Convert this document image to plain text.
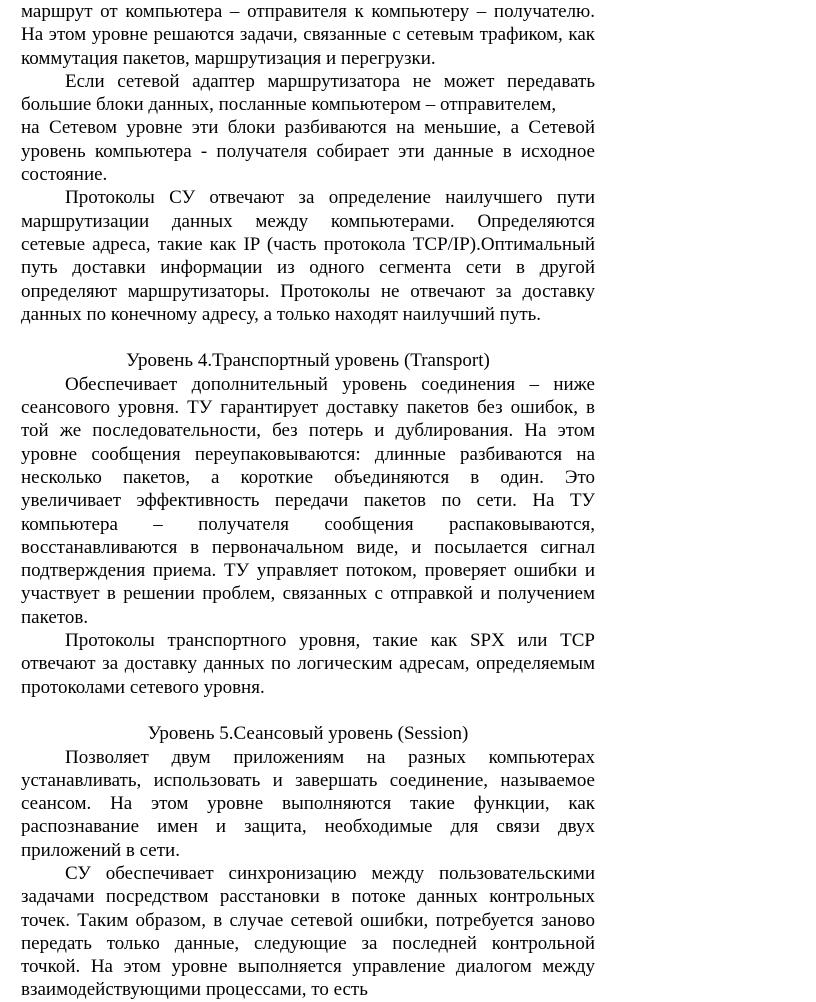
маршрут от компьютера – отправителя к компьютеру – получателю.
На этом уровне решаются задачи, связанные с сетевым трафиком, как
коммутация пакетов, маршрутизация и перегрузки.
Если сетевой адаптер маршрутизатора не может передавать
большие блоки данных, посланные компьютером – отправителем,
на Сетевом уровне эти блоки разбиваются на меньшие, а Сетевой
уровень компьютера - получателя собирает эти данные в исходное
состояние.
Протоколы СУ отвечают за определение наилучшего пути
маршрутизации данных между компьютерами. Определяются
сетевые адреса, такие как IP (часть протокола TCP/IP).Оптимальный
путь доставки информации из одного сегмента сети в другой
определяют маршрутизаторы. Протоколы не отвечают за доставку
данных по конечному адресу, а только находят наилучший путь.
Уровень 4.Транспортный уровень (Transport)
Обеспечивает дополнительный уровень соединения – ниже
сеансового уровня. ТУ гарантирует доставку пакетов без ошибок, в
той же последовательности, без потерь и дублирования. На этом
уровне сообщения переупаковываются: длинные разбиваются на
несколько пакетов, а короткие объединяются в один. Это
увеличивает эффективность передачи пакетов по сети. На ТУ
компьютера – получателя сообщения распаковываются,
восстанавливаются в первоначальном виде, и посылается сигнал
подтверждения приема. ТУ управляет потоком, проверяет ошибки и
участвует в решении проблем, связанных с отправкой и получением
пакетов.
Протоколы транспортного уровня, такие как SPX или TCP
отвечают за доставку данных по логическим адресам, определяемым
протоколами сетевого уровня.
Уровень 5.Сеансовый уровень (Session)
Позволяет двум приложениям на разных компьютерах
устанавливать, использовать и завершать соединение, называемое
сеансом. На этом уровне выполняются такие функции, как
распознавание имен и защита, необходимые для связи двух
приложений в сети.
СУ обеспечивает синхронизацию между пользовательскими
задачами посредством расстановки в потоке данных контрольных
точек. Таким образом, в случае сетевой ошибки, потребуется заново
передать только данные, следующие за последней контрольной
точкой. На этом уровне выполняется управление диалогом между
взаимодействующими процессами, то есть
